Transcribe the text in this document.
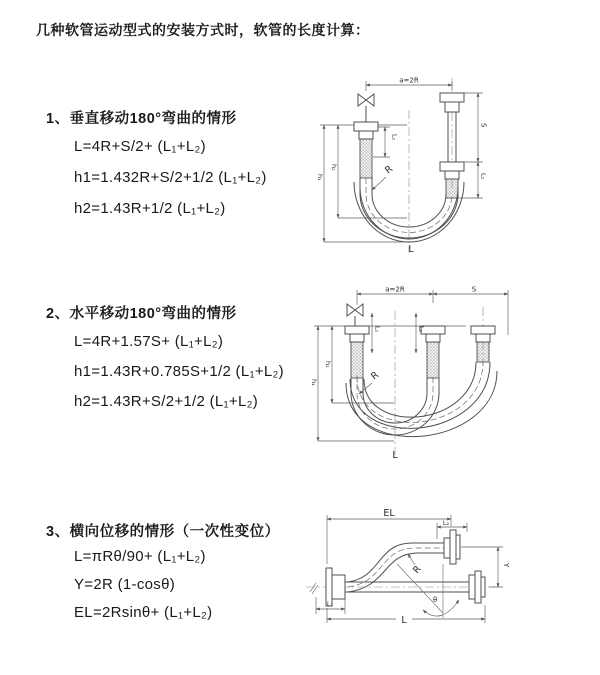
几种软管运动型式的安装方式时，软管的长度计算：
1、垂直移动180°弯曲的情形
L=4R+S/2+ (L₁+L₂)
h1=1.432R+S/2+1/2 (L₁+L₂)
h2=1.43R+1/2 (L₁+L₂)
2、水平移动180°弯曲的情形
L=4R+1.57S+ (L₁+L₂)
h1=1.43R+0.785S+1/2 (L₁+L₂)
h2=1.43R+S/2+1/2 (L₁+L₂)
3、横向位移的情形（一次性变位）
L=πRθ/90+ (L₁+L₂)
Y=2R (1-cosθ)
EL=2Rsinθ+ (L₁+L₂)
a=2R
L₁
S
L₂
h₁
h₂	R
L
a=2R	S
L₁	L₂
h₁
h₂
R
L
EL
L₂
Y
R
θ
L
L₁
